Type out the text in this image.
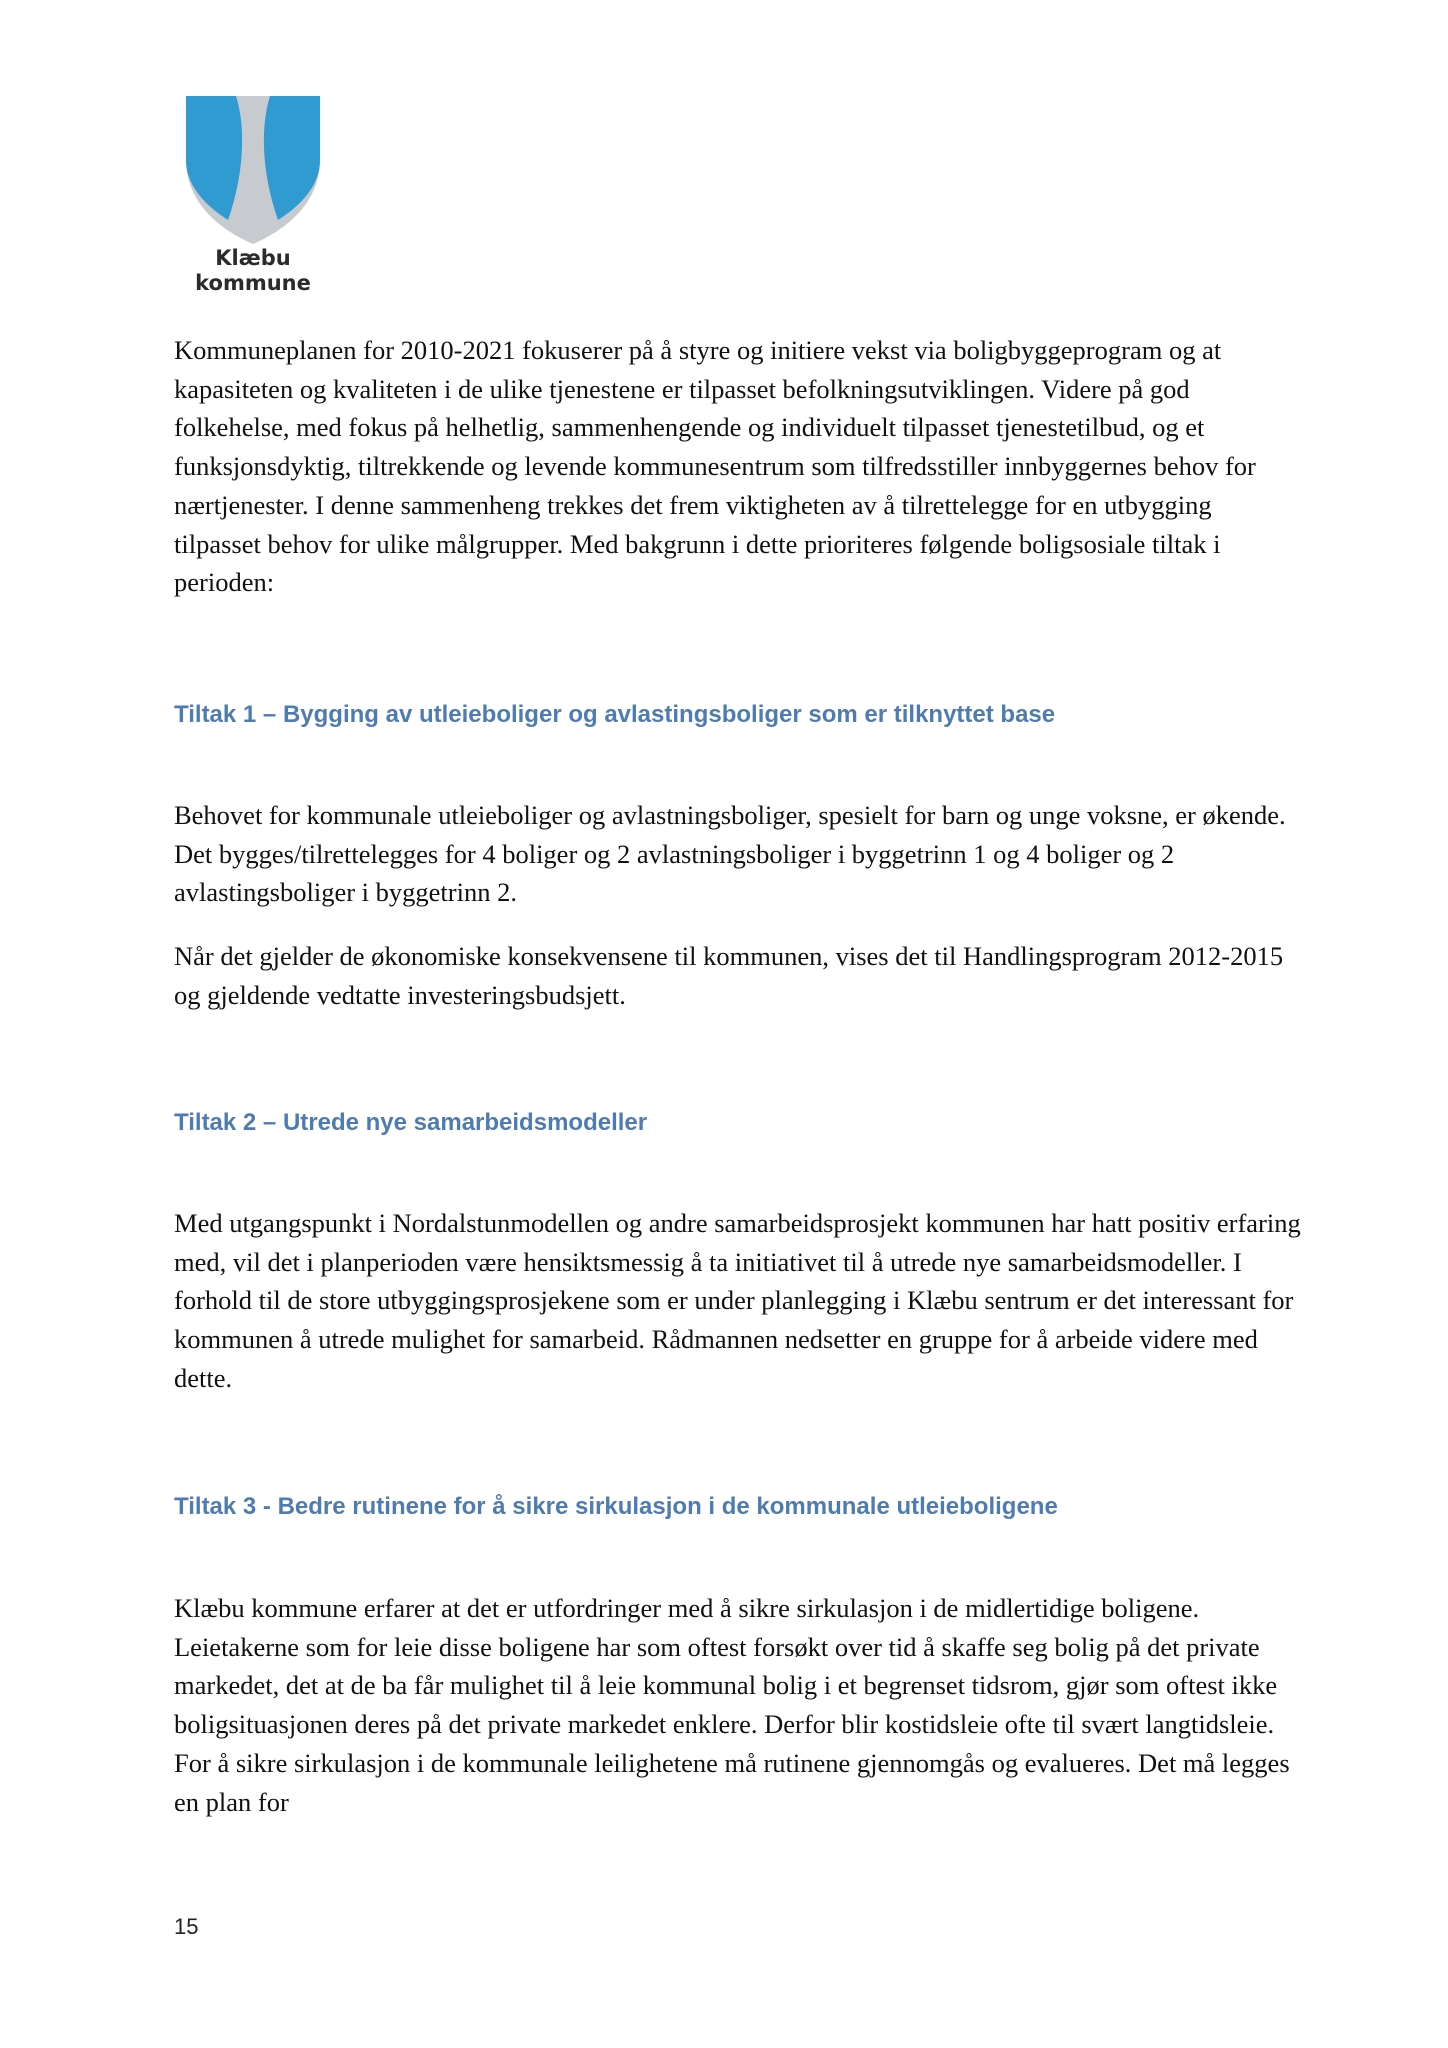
Klæbu
kommune

Kommuneplanen for 2010-2021 fokuserer på å styre og initiere vekst via boligbyggeprogram og at kapasiteten og kvaliteten i de ulike tjenestene er tilpasset befolkningsutviklingen. Videre på god folkehelse, med fokus på helhetlig, sammenhengende og individuelt tilpasset tjenestetilbud, og et funksjonsdyktig, tiltrekkende og levende kommunesentrum som tilfredsstiller innbyggernes behov for nærtjenester. I denne sammenheng trekkes det frem viktigheten av å tilrettelegge for en utbygging tilpasset behov for ulike målgrupper. Med bakgrunn i dette prioriteres følgende boligsosiale tiltak i perioden:

Tiltak 1 – Bygging av utleieboliger og avlastingsboliger som er tilknyttet base

Behovet for kommunale utleieboliger og avlastningsboliger, spesielt for barn og unge voksne, er økende. Det bygges/tilrettelegges for 4 boliger og 2 avlastningsboliger i byggetrinn 1 og 4 boliger og 2 avlastingsboliger i byggetrinn 2.

Når det gjelder de økonomiske konsekvensene til kommunen, vises det til Handlingsprogram 2012-2015 og gjeldende vedtatte investeringsbudsjett.

Tiltak 2 – Utrede nye samarbeidsmodeller

Med utgangspunkt i Nordalstunmodellen og andre samarbeidsprosjekt kommunen har hatt positiv erfaring med, vil det i planperioden være hensiktsmessig å ta initiativet til å utrede nye samarbeidsmodeller. I forhold til de store utbyggingsprosjekene som er under planlegging i Klæbu sentrum er det interessant for kommunen å utrede mulighet for samarbeid. Rådmannen nedsetter en gruppe for å arbeide videre med dette.

Tiltak 3 - Bedre rutinene for å sikre sirkulasjon i de kommunale utleieboligene

Klæbu kommune erfarer at det er utfordringer med å sikre sirkulasjon i de midlertidige boligene. Leietakerne som for leie disse boligene har som oftest forsøkt over tid å skaffe seg bolig på det private markedet, det at de ba får mulighet til å leie kommunal bolig i et begrenset tidsrom, gjør som oftest ikke boligsituasjonen deres på det private markedet enklere. Derfor blir kostidsleie ofte til svært langtidsleie. For å sikre sirkulasjon i de kommunale leilighetene må rutinene gjennomgås og evalueres. Det må legges en plan for

15
